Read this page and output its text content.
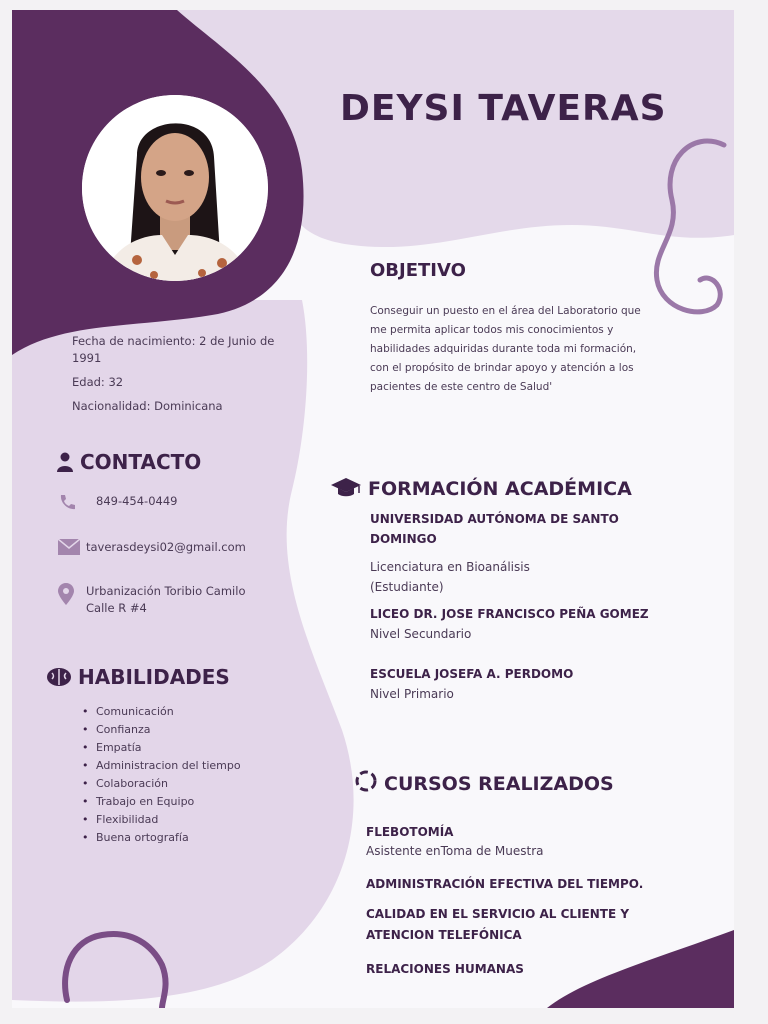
DEYSI TAVERAS
Fecha de nacimiento: 2 de Junio de 1991
Edad: 32
Nacionalidad: Dominicana
CONTACTO
849-454-0449
taverasdeysi02@gmail.com
Urbanización Toribio Camilo Calle R #4
HABILIDADES
• Comunicación
• Confianza
• Empatía
• Administracion del tiempo
• Colaboración
• Trabajo en Equipo
• Flexibilidad
• Buena ortografía
OBJETIVO
Conseguir un puesto en el área del Laboratorio que me permita aplicar todos mis conocimientos y habilidades adquiridas durante toda mi formación, con el propósito de brindar apoyo y atención a los pacientes de este centro de Salud'
FORMACIÓN ACADÉMICA
UNIVERSIDAD AUTÓNOMA DE SANTO DOMINGO
Licenciatura en Bioanálisis
(Estudiante)
LICEO DR. JOSE FRANCISCO PEÑA GOMEZ
Nivel Secundario
ESCUELA JOSEFA A. PERDOMO
Nivel Primario
CURSOS REALIZADOS
FLEBOTOMÍA
Asistente enToma de Muestra
ADMINISTRACIÓN EFECTIVA DEL TIEMPO.
CALIDAD EN EL SERVICIO AL CLIENTE Y ATENCION TELEFÓNICA
RELACIONES HUMANAS
